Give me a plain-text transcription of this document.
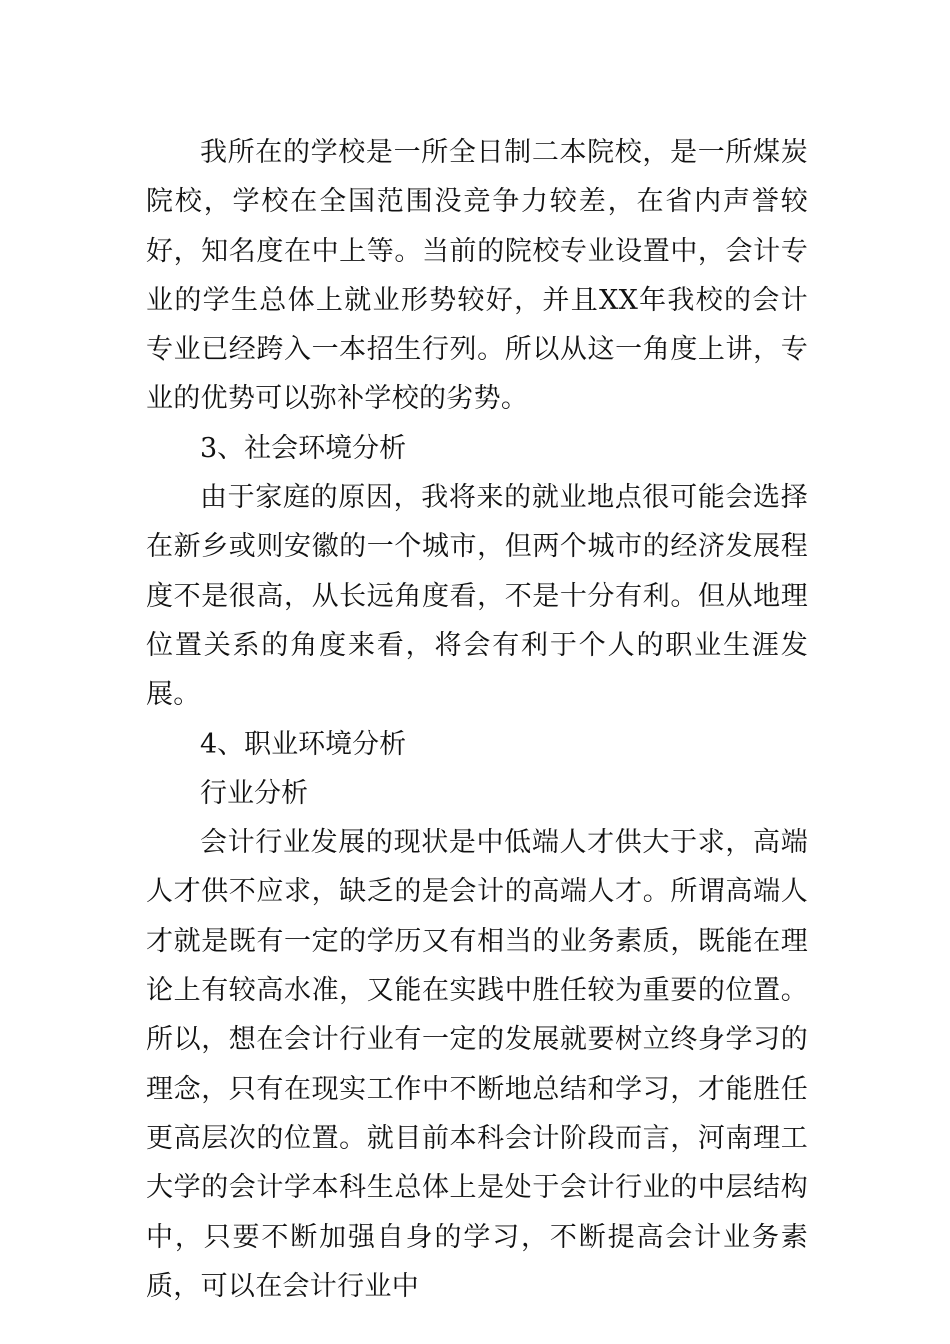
我所在的学校是一所全日制二本院校，是一所煤炭院校，学校在全国范围没竞争力较差，在省内声誉较好，知名度在中上等。当前的院校专业设置中，会计专业的学生总体上就业形势较好，并且XX年我校的会计专业已经跨入一本招生行列。所以从这一角度上讲，专业的优势可以弥补学校的劣势。

3、社会环境分析

由于家庭的原因，我将来的就业地点很可能会选择在新乡或则安徽的一个城市，但两个城市的经济发展程度不是很高，从长远角度看，不是十分有利。但从地理位置关系的角度来看，将会有利于个人的职业生涯发展。

4、职业环境分析

行业分析

会计行业发展的现状是中低端人才供大于求，高端人才供不应求，缺乏的是会计的高端人才。所谓高端人才就是既有一定的学历又有相当的业务素质，既能在理论上有较高水准，又能在实践中胜任较为重要的位置。所以，想在会计行业有一定的发展就要树立终身学习的理念，只有在现实工作中不断地总结和学习，才能胜任更高层次的位置。就目前本科会计阶段而言，河南理工大学的会计学本科生总体上是处于会计行业的中层结构中，只要不断加强自身的学习，不断提高会计业务素质，可以在会计行业中
